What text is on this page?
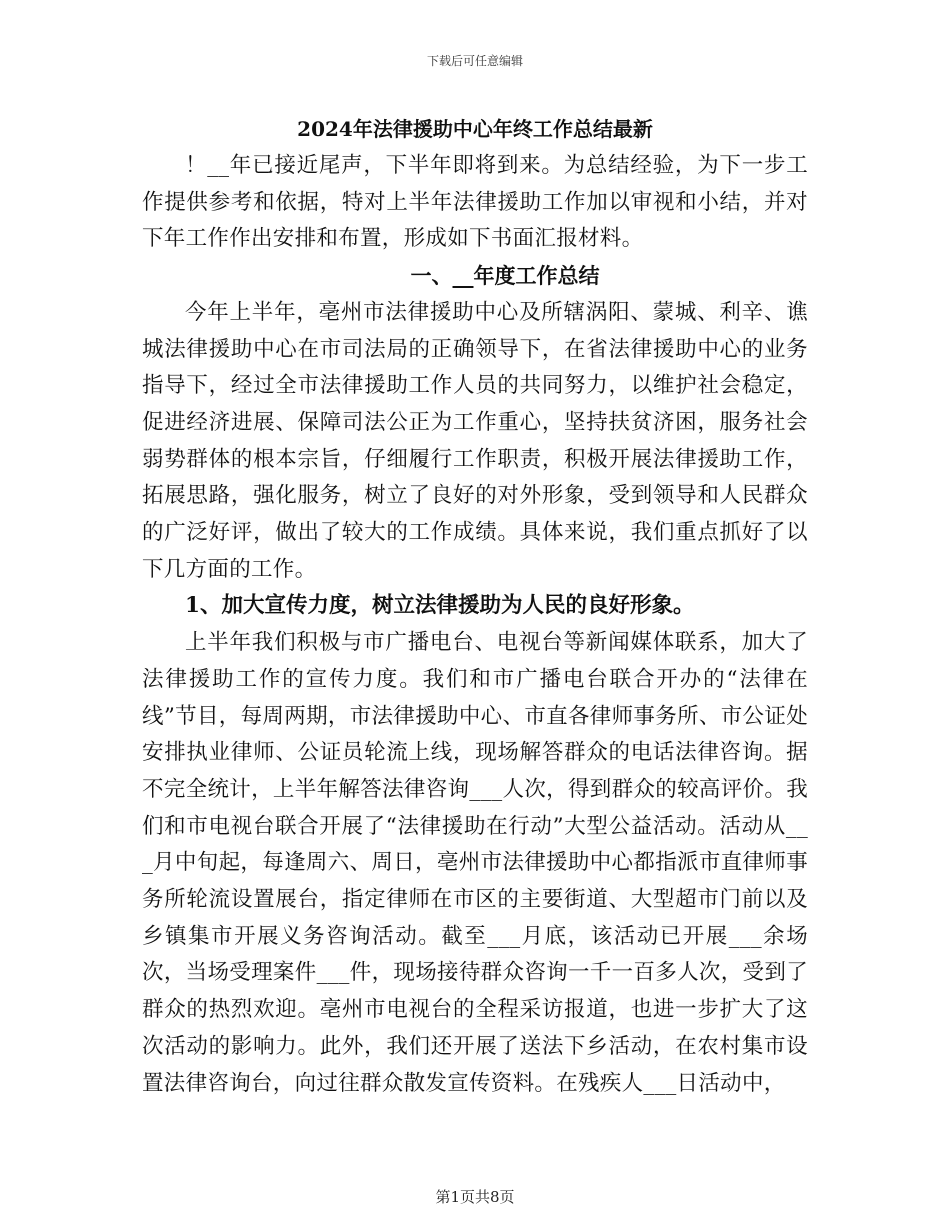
下载后可任意编辑
2024年法律援助中心年终工作总结最新

！__年已接近尾声，下半年即将到来。为总结经验，为下一步工作提供参考和依据，特对上半年法律援助工作加以审视和小结，并对下年工作作出安排和布置，形成如下书面汇报材料。

一、__年度工作总结

今年上半年，亳州市法律援助中心及所辖涡阳、蒙城、利辛、谯城法律援助中心在市司法局的正确领导下，在省法律援助中心的业务指导下，经过全市法律援助工作人员的共同努力，以维护社会稳定，促进经济进展、保障司法公正为工作重心，坚持扶贫济困，服务社会弱势群体的根本宗旨，仔细履行工作职责，积极开展法律援助工作，拓展思路，强化服务，树立了良好的对外形象，受到领导和人民群众的广泛好评，做出了较大的工作成绩。具体来说，我们重点抓好了以下几方面的工作。

1、加大宣传力度，树立法律援助为人民的良好形象。

上半年我们积极与市广播电台、电视台等新闻媒体联系，加大了法律援助工作的宣传力度。我们和市广播电台联合开办的“法律在线”节目，每周两期，市法律援助中心、市直各律师事务所、市公证处安排执业律师、公证员轮流上线，现场解答群众的电话法律咨询。据不完全统计，上半年解答法律咨询___人次，得到群众的较高评价。我们和市电视台联合开展了“法律援助在行动”大型公益活动。活动从___月中旬起，每逢周六、周日，亳州市法律援助中心都指派市直律师事务所轮流设置展台，指定律师在市区的主要街道、大型超市门前以及乡镇集市开展义务咨询活动。截至___月底，该活动已开展___余场次，当场受理案件___件，现场接待群众咨询一千一百多人次，受到了群众的热烈欢迎。亳州市电视台的全程采访报道，也进一步扩大了这次活动的影响力。此外，我们还开展了送法下乡活动，在农村集市设置法律咨询台，向过往群众散发宣传资料。在残疾人___日活动中，

第1页共8页
